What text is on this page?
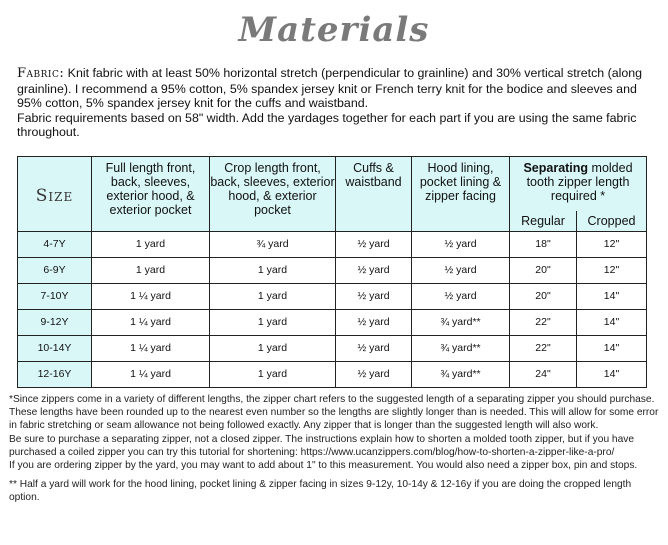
Materials
Fabric: Knit fabric with at least 50% horizontal stretch (perpendicular to grainline) and 30% vertical stretch (along grainline). I recommend a 95% cotton, 5% spandex jersey knit or French terry knit for the bodice and sleeves and 95% cotton, 5% spandex jersey knit for the cuffs and waistband.
Fabric requirements based on 58" width. Add the yardages together for each part if you are using the same fabric throughout.
Size	Full length front, back, sleeves, exterior hood, & exterior pocket	Crop length front, back, sleeves, exterior hood, & exterior pocket	Cuffs & waistband	Hood lining, pocket lining & zipper facing	Separating molded tooth zipper length required *	

					Regular	Cropped
4-7Y	1 yard	¾ yard	½ yard	½ yard	18"	12"
6-9Y	1 yard	1 yard	½ yard	½ yard	20"	12"
7-10Y	1 ¼ yard	1 yard	½ yard	½ yard	20"	14"
9-12Y	1 ¼ yard	1 yard	½ yard	¾ yard**	22"	14"
10-14Y	1 ¼ yard	1 yard	½ yard	¾ yard**	22"	14"
12-16Y	1 ¼ yard	1 yard	½ yard	¾ yard**	24"	14"

*Since zippers come in a variety of different lengths, the zipper chart refers to the suggested length of a separating zipper you should purchase. These lengths have been rounded up to the nearest even number so the lengths are slightly longer than is needed. This will allow for some error in fabric stretching or seam allowance not being followed exactly. Any zipper that is longer than the suggested length will also work.

Be sure to purchase a separating zipper, not a closed zipper. The instructions explain how to shorten a molded tooth zipper, but if you have purchased a coiled zipper you can try this tutorial for shortening: https://www.ucanzippers.com/blog/how-to-shorten-a-zipper-like-a-pro/

If you are ordering zipper by the yard, you may want to add about 1" to this measurement. You would also need a zipper box, pin and stops.

** Half a yard will work for the hood lining, pocket lining & zipper facing in sizes 9-12y, 10-14y & 12-16y if you are doing the cropped length option.
